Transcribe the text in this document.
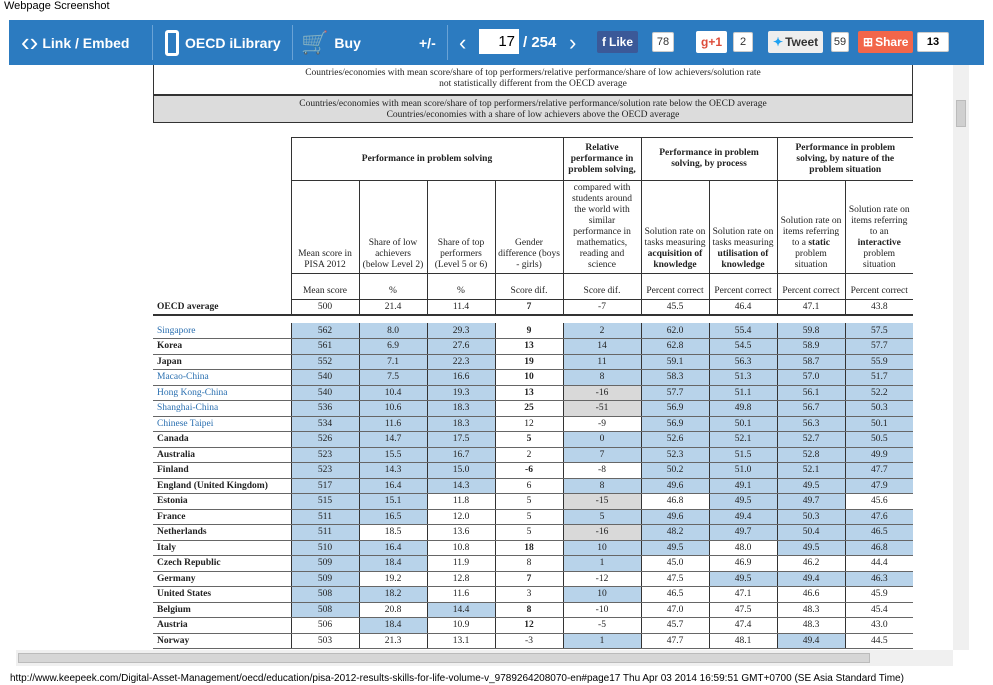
Webpage Screenshot
‹› Link / Embed	OECD iLibrary 🛒 Buy	+/- ‹	17 / 254 › f Like	78	g+1	2	✦ Tweet 59 ⊞ Share	13
Countries/economies with mean score/share of top performers/relative performance/share of low achievers/solution rate
not statistically different from the OECD average
Countries/economies with mean score/share of top performers/relative performance/solution rate below the OECD average
Countries/economies with a share of low achievers above the OECD average
	Performance in problem solving				Relative performance in problem solving,	Performance in problem solving, by process		Performance in problem solving, by nature of the problem situation	
	Mean score in PISA 2012	Share of low achievers (below Level 2)	Share of top performers (Level 5 or 6)	Gender difference (boys - girls)	compared with students around the world with similar performance in mathematics, reading and science	Solution rate on tasks measuring acquisition of knowledge	Solution rate on tasks measuring utilisation of knowledge	Solution rate on items referring to a static problem situation	Solution rate on items referring to an interactive problem situation
	Mean score	%	%	Score dif.	Score dif.	Percent correct	Percent correct	Percent correct	Percent correct
OECD average	500	21.4	11.4	7	-7	45.5	46.4	47.1	43.8

Singapore	562	8.0	29.3	9	2	62.0	55.4	59.8	57.5
Korea	561	6.9	27.6	13	14	62.8	54.5	58.9	57.7
Japan	552	7.1	22.3	19	11	59.1	56.3	58.7	55.9
Macao-China	540	7.5	16.6	10	8	58.3	51.3	57.0	51.7
Hong Kong-China	540	10.4	19.3	13	-16	57.7	51.1	56.1	52.2
Shanghai-China	536	10.6	18.3	25	-51	56.9	49.8	56.7	50.3
Chinese Taipei	534	11.6	18.3	12	-9	56.9	50.1	56.3	50.1
Canada	526	14.7	17.5	5	0	52.6	52.1	52.7	50.5
Australia	523	15.5	16.7	2	7	52.3	51.5	52.8	49.9
Finland	523	14.3	15.0	-6	-8	50.2	51.0	52.1	47.7
England (United Kingdom)	517	16.4	14.3	6	8	49.6	49.1	49.5	47.9
Estonia	515	15.1	11.8	5	-15	46.8	49.5	49.7	45.6
France	511	16.5	12.0	5	5	49.6	49.4	50.3	47.6
Netherlands	511	18.5	13.6	5	-16	48.2	49.7	50.4	46.5
Italy	510	16.4	10.8	18	10	49.5	48.0	49.5	46.8
Czech Republic	509	18.4	11.9	8	1	45.0	46.9	46.2	44.4
Germany	509	19.2	12.8	7	-12	47.5	49.5	49.4	46.3
United States	508	18.2	11.6	3	10	46.5	47.1	46.6	45.9
Belgium	508	20.8	14.4	8	-10	47.0	47.5	48.3	45.4
Austria	506	18.4	10.9	12	-5	45.7	47.4	48.3	43.0
Norway	503	21.3	13.1	-3	1	47.7	48.1	49.4	44.5
http://www.keepeek.com/Digital-Asset-Management/oecd/education/pisa-2012-results-skills-for-life-volume-v_9789264208070-en#page17 Thu Apr 03 2014 16:59:51 GMT+0700 (SE Asia Standard Time)
